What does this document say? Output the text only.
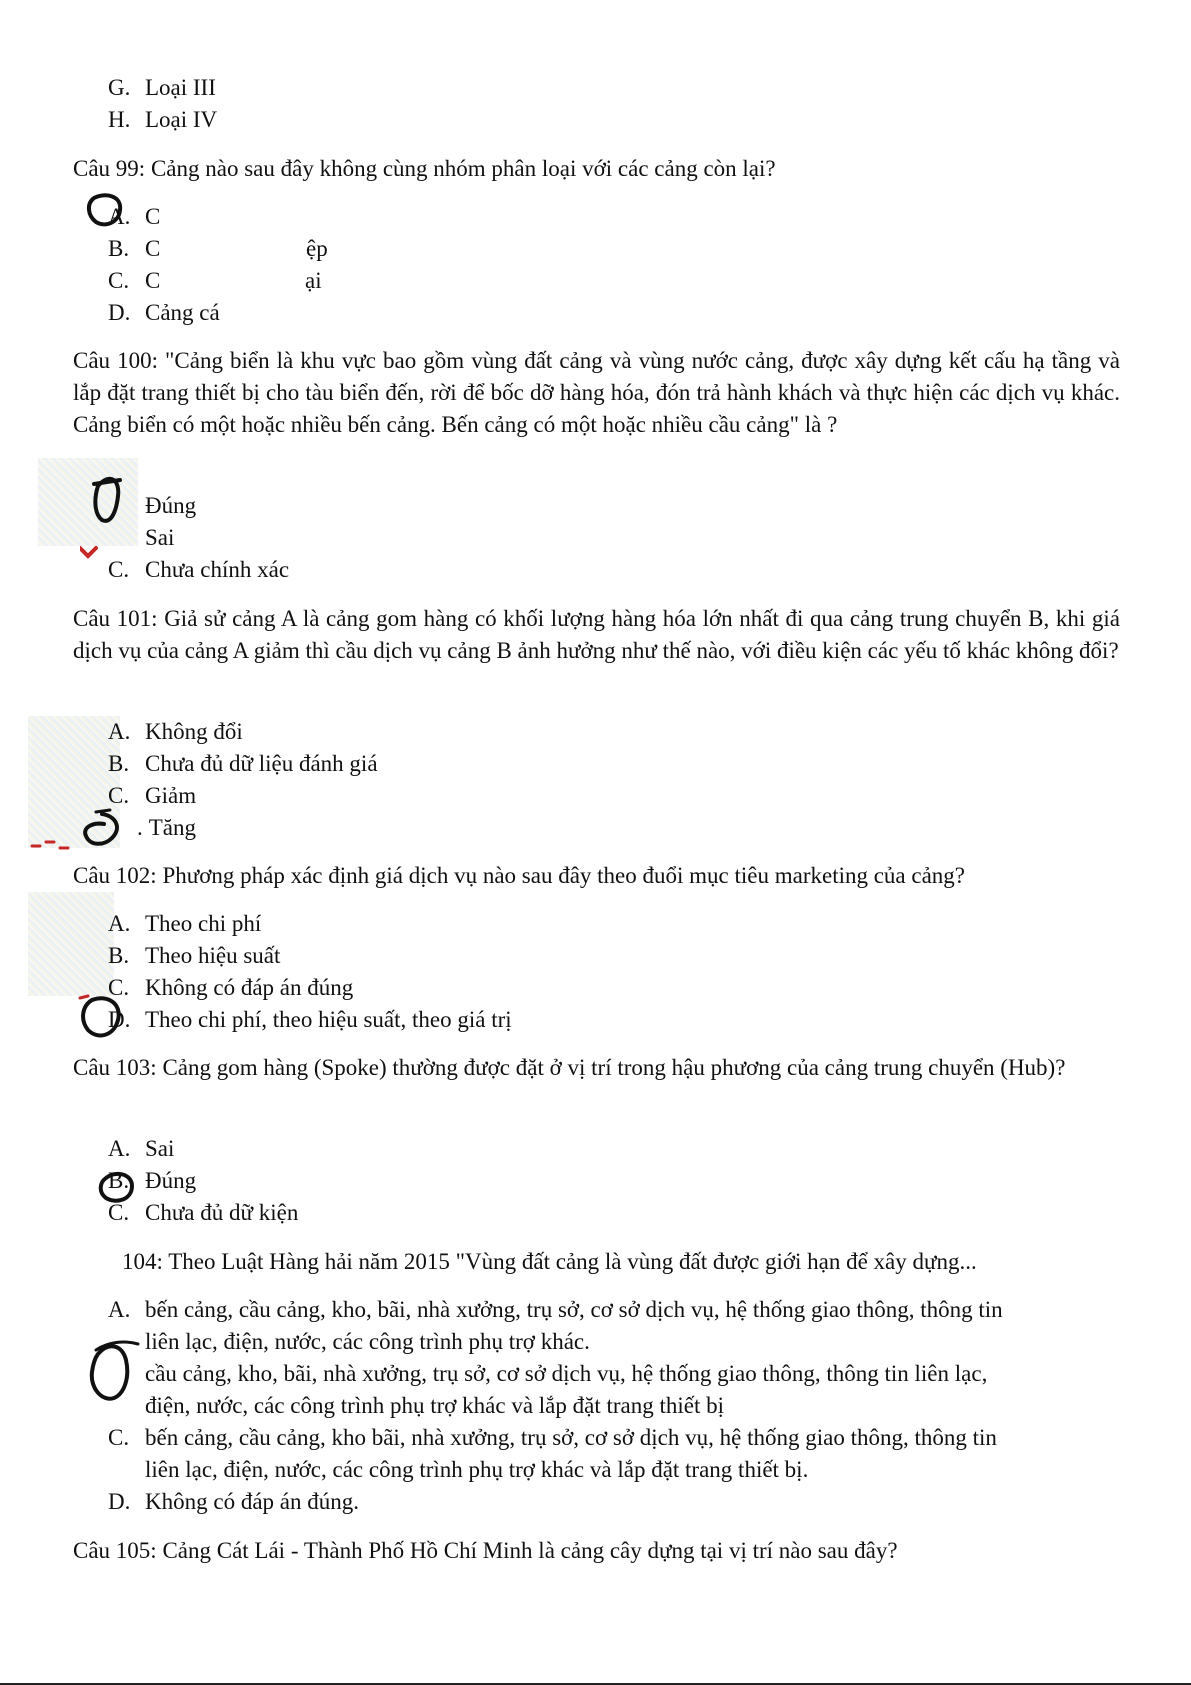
G. Loại III
H. Loại IV
Câu 99: Cảng nào sau đây không cùng nhóm phân loại với các cảng còn lại?
A. C
B. C	ệp
C. C	ại
D. Cảng cá
Câu 100: "Cảng biển là khu vực bao gồm vùng đất cảng và vùng nước cảng, được xây dựng kết cấu hạ tầng và lắp đặt trang thiết bị cho tàu biển đến, rời để bốc dỡ hàng hóa, đón trả hành khách và thực hiện các dịch vụ khác. Cảng biển có một hoặc nhiều bến cảng. Bến cảng có một hoặc nhiều cầu cảng" là ?
Đúng
Sai
C. Chưa chính xác
Câu 101: Giả sử cảng A là cảng gom hàng có khối lượng hàng hóa lớn nhất đi qua cảng trung chuyển B, khi giá dịch vụ của cảng A giảm thì cầu dịch vụ cảng B ảnh hưởng như thế nào, với điều kiện các yếu tố khác không đổi?
A. Không đổi
B. Chưa đủ dữ liệu đánh giá
C. Giảm
. Tăng
Câu 102: Phương pháp xác định giá dịch vụ nào sau đây theo đuổi mục tiêu marketing của cảng?
A. Theo chi phí
B. Theo hiệu suất
C. Không có đáp án đúng
D. Theo chi phí, theo hiệu suất, theo giá trị
Câu 103: Cảng gom hàng (Spoke) thường được đặt ở vị trí trong hậu phương của cảng trung chuyển (Hub)?
A. Sai
B. Đúng
C. Chưa đủ dữ kiện
104: Theo Luật Hàng hải năm 2015 "Vùng đất cảng là vùng đất được giới hạn để xây dựng...
A. bến cảng, cầu cảng, kho, bãi, nhà xưởng, trụ sở, cơ sở dịch vụ, hệ thống giao thông, thông tin
liên lạc, điện, nước, các công trình phụ trợ khác.
cầu cảng, kho, bãi, nhà xưởng, trụ sở, cơ sở dịch vụ, hệ thống giao thông, thông tin liên lạc,
điện, nước, các công trình phụ trợ khác và lắp đặt trang thiết bị
C. bến cảng, cầu cảng, kho bãi, nhà xưởng, trụ sở, cơ sở dịch vụ, hệ thống giao thông, thông tin
liên lạc, điện, nước, các công trình phụ trợ khác và lắp đặt trang thiết bị.
D. Không có đáp án đúng.
Câu 105: Cảng Cát Lái - Thành Phố Hồ Chí Minh là cảng cây dựng tại vị trí nào sau đây?
